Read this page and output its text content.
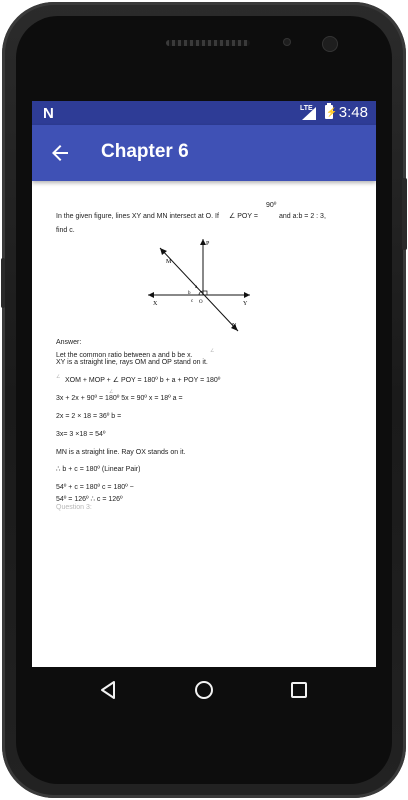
N	LTE ⚡ 3:48
Chapter 6
In the given figure, lines XY and MN intersect at O. If ∠ POY =
90º
and a:b = 2 : 3,
find c.
M
P
X	Y
N
O
a
b
c
Answer:
Let the common ratio between a and b be x.
∠
XY is a straight line, rays OM and OP stand on it.
∠ XOM + MOP + ∠ POY = 180º b + a + POY = 180º
∠
3x + 2x + 90º = 180º 5x = 90º x = 18º a =
2x = 2 × 18 = 36º b =
3x= 3 ×18 = 54º
MN is a straight line. Ray OX stands on it.
∴ b + c = 180º (Linear Pair)
54º + c = 180º c = 180º −
54º = 126º ∴ c = 126º
Question 3:
